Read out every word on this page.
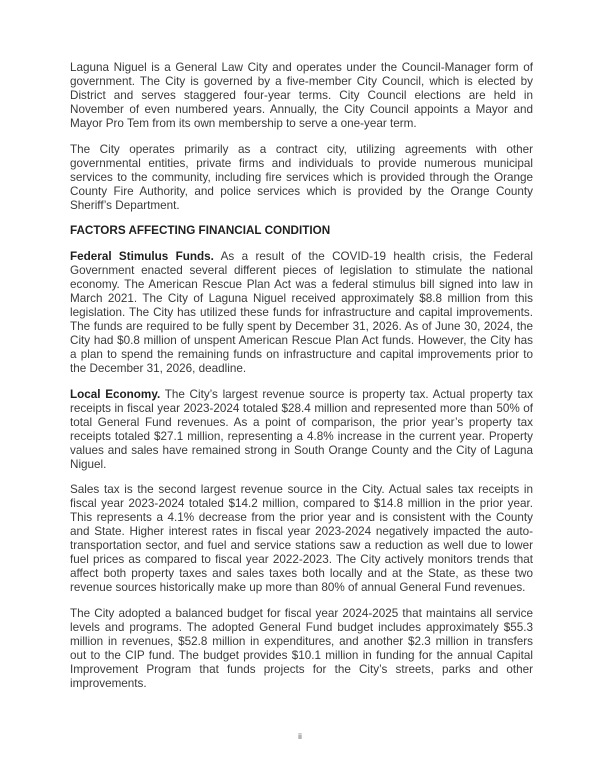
Laguna Niguel is a General Law City and operates under the Council-Manager form of government. The City is governed by a five-member City Council, which is elected by District and serves staggered four-year terms. City Council elections are held in November of even numbered years. Annually, the City Council appoints a Mayor and Mayor Pro Tem from its own membership to serve a one-year term.

The City operates primarily as a contract city, utilizing agreements with other governmental entities, private firms and individuals to provide numerous municipal services to the community, including fire services which is provided through the Orange County Fire Authority, and police services which is provided by the Orange County Sheriff’s Department.

FACTORS AFFECTING FINANCIAL CONDITION

Federal Stimulus Funds. As a result of the COVID-19 health crisis, the Federal Government enacted several different pieces of legislation to stimulate the national economy. The American Rescue Plan Act was a federal stimulus bill signed into law in March 2021. The City of Laguna Niguel received approximately $8.8 million from this legislation. The City has utilized these funds for infrastructure and capital improvements. The funds are required to be fully spent by December 31, 2026. As of June 30, 2024, the City had $0.8 million of unspent American Rescue Plan Act funds. However, the City has a plan to spend the remaining funds on infrastructure and capital improvements prior to the December 31, 2026, deadline.

Local Economy. The City’s largest revenue source is property tax. Actual property tax receipts in fiscal year 2023-2024 totaled $28.4 million and represented more than 50% of total General Fund revenues. As a point of comparison, the prior year’s property tax receipts totaled $27.1 million, representing a 4.8% increase in the current year. Property values and sales have remained strong in South Orange County and the City of Laguna Niguel.

Sales tax is the second largest revenue source in the City. Actual sales tax receipts in fiscal year 2023-2024 totaled $14.2 million, compared to $14.8 million in the prior year. This represents a 4.1% decrease from the prior year and is consistent with the County and State. Higher interest rates in fiscal year 2023-2024 negatively impacted the auto-transportation sector, and fuel and service stations saw a reduction as well due to lower fuel prices as compared to fiscal year 2022-2023. The City actively monitors trends that affect both property taxes and sales taxes both locally and at the State, as these two revenue sources historically make up more than 80% of annual General Fund revenues.

The City adopted a balanced budget for fiscal year 2024-2025 that maintains all service levels and programs. The adopted General Fund budget includes approximately $55.3 million in revenues, $52.8 million in expenditures, and another $2.3 million in transfers out to the CIP fund. The budget provides $10.1 million in funding for the annual Capital Improvement Program that funds projects for the City’s streets, parks and other improvements.

ii
